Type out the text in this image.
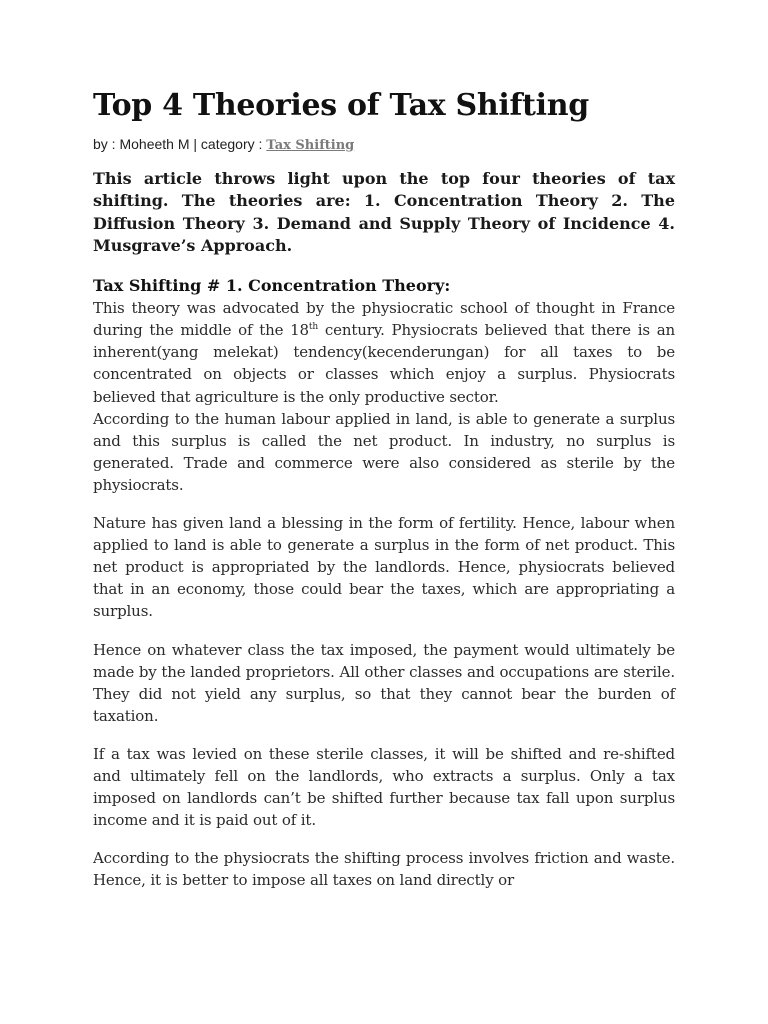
Top 4 Theories of Tax Shifting
by : Moheeth M | category : Tax Shifting

This article throws light upon the top four theories of tax shifting. The theories are: 1. Concentration Theory 2. The Diffusion Theory 3. Demand and Supply Theory of Incidence 4. Musgrave’s Approach.

Tax Shifting # 1. Concentration Theory:

This theory was advocated by the physiocratic school of thought in France during the middle of the 18th century. Physiocrats believed that there is an inherent(yang melekat) tendency(kecenderungan) for all taxes to be concentrated on objects or classes which enjoy a surplus. Physiocrats believed that agriculture is the only productive sector.

According to the human labour applied in land, is able to generate a surplus and this surplus is called the net product. In industry, no surplus is generated. Trade and commerce were also considered as sterile by the physiocrats.

Nature has given land a blessing in the form of fertility. Hence, labour when applied to land is able to generate a surplus in the form of net product. This net product is appropriated by the landlords. Hence, physiocrats believed that in an economy, those could bear the taxes, which are appropriating a surplus.

Hence on whatever class the tax imposed, the payment would ultimately be made by the landed proprietors. All other classes and occupations are sterile. They did not yield any surplus, so that they cannot bear the burden of taxation.

If a tax was levied on these sterile classes, it will be shifted and re-shifted and ultimately fell on the landlords, who extracts a surplus. Only a tax imposed on landlords can’t be shifted further because tax fall upon surplus income and it is paid out of it.

According to the physiocrats the shifting process involves friction and waste. Hence, it is better to impose all taxes on land directly or
